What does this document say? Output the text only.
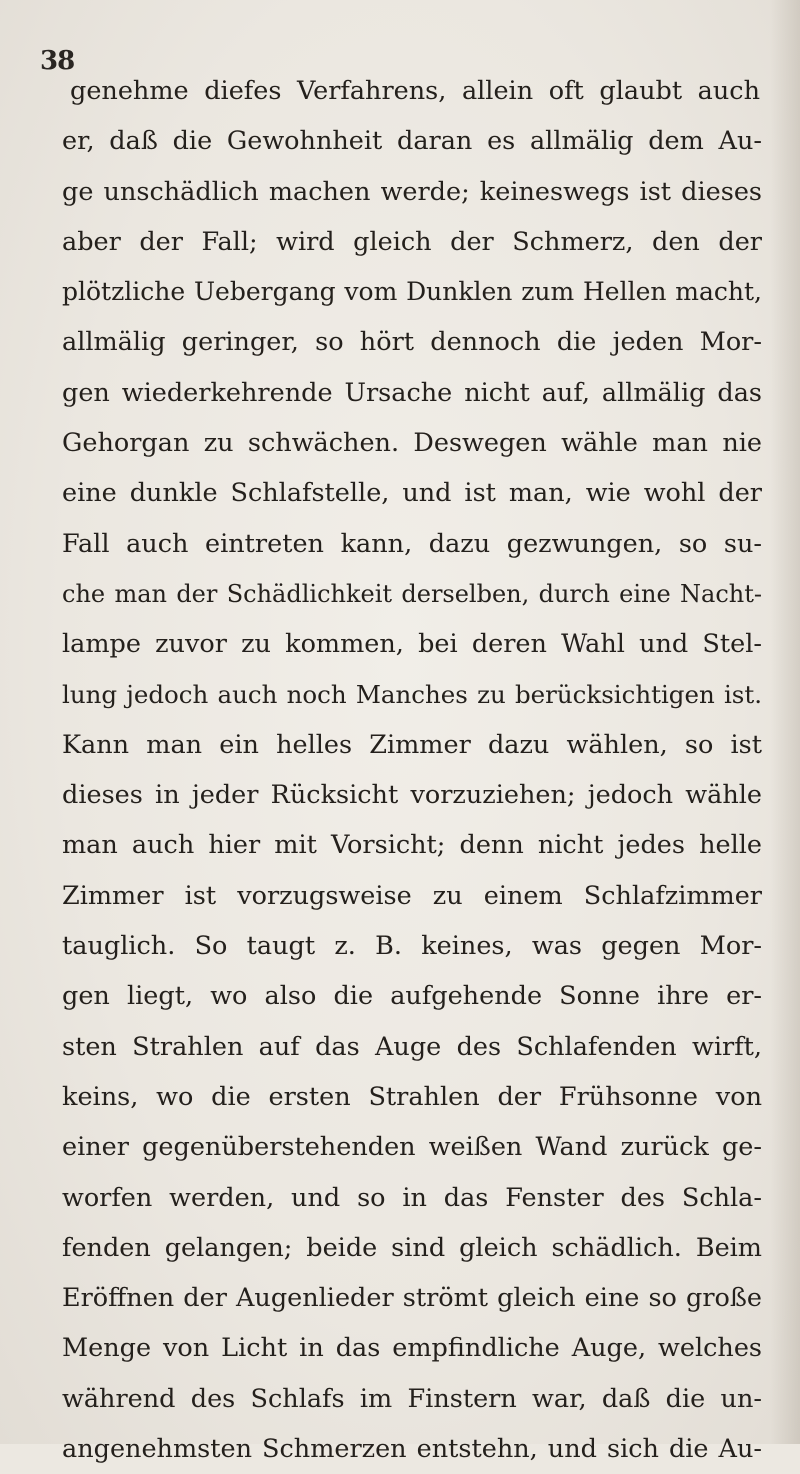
38
genehme diefes Verfahrens, allein oft glaubt auch
er, daß die Gewohnheit daran es allmälig dem Au-
ge unschädlich machen werde; keineswegs ist dieses
aber der Fall; wird gleich der Schmerz, den der
plötzliche Uebergang vom Dunklen zum Hellen macht,
allmälig geringer, so hört dennoch die jeden Mor-
gen wiederkehrende Ursache nicht auf, allmälig das
Gehorgan zu schwächen. Deswegen wähle man nie
eine dunkle Schlafstelle, und ist man, wie wohl der
Fall auch eintreten kann, dazu gezwungen, so su-
che man der Schädlichkeit derselben, durch eine Nacht-
lampe zuvor zu kommen, bei deren Wahl und Stel-
lung jedoch auch noch Manches zu berücksichtigen ist.
Kann man ein helles Zimmer dazu wählen, so ist
dieses in jeder Rücksicht vorzuziehen; jedoch wähle
man auch hier mit Vorsicht; denn nicht jedes helle
Zimmer ist vorzugsweise zu einem Schlafzimmer
tauglich. So taugt z. B. keines, was gegen Mor-
gen liegt, wo also die aufgehende Sonne ihre er-
sten Strahlen auf das Auge des Schlafenden wirft,
keins, wo die ersten Strahlen der Frühsonne von
einer gegenüberstehenden weißen Wand zurück ge-
worfen werden, und so in das Fenster des Schla-
fenden gelangen; beide sind gleich schädlich. Beim
Eröffnen der Augenlieder strömt gleich eine so große
Menge von Licht in das empfindliche Auge, welches
während des Schlafs im Finstern war, daß die un-
angenehmsten Schmerzen entstehn, und sich die Au-
